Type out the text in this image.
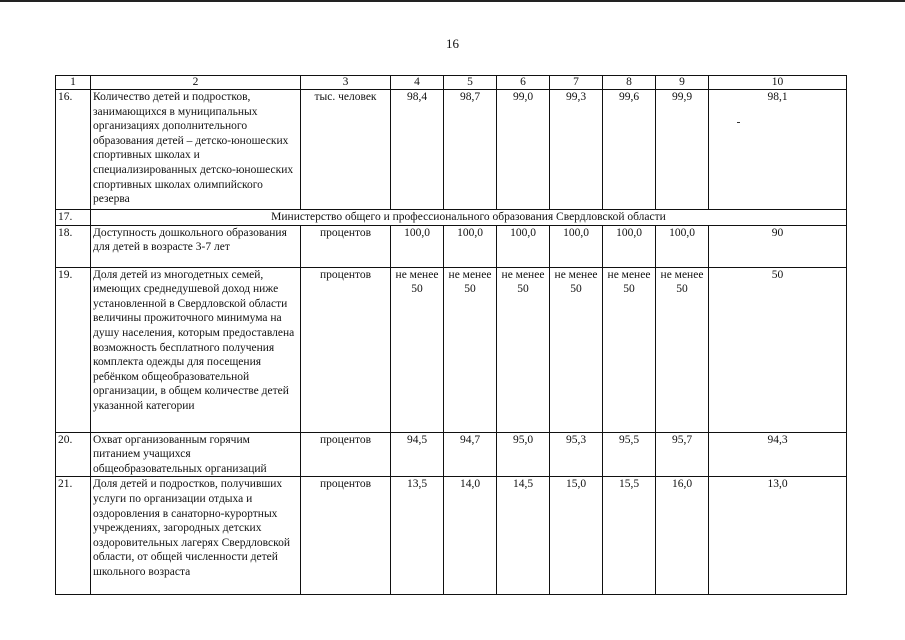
16
1	2	3	4	5	6	7	8	9	10
16.	Количество детей и подростков, занимающихся в муниципальных организациях дополнительного образования детей – детско-юношеских спортивных школах и специализированных детско-юношеских спортивных школах олимпийского резерва	тыс. человек	98,4	98,7	99,0	99,3	99,6	99,9	98,1
17.	Министерство общего и профессионального образования Свердловской области								
18.	Доступность дошкольного образования для детей в возрасте 3-7 лет	процентов	100,0	100,0	100,0	100,0	100,0	100,0	90
19.	Доля детей из многодетных семей, имеющих среднедушевой доход ниже установленной в Свердловской области величины прожиточного минимума на душу населения, которым предоставлена возможность бесплатного получения комплекта одежды для посещения ребёнком общеобразовательной организации, в общем количестве детей указанной категории	процентов	не менее 50	не менее 50	не менее 50	не менее 50	не менее 50	не менее 50	50
20.	Охват организованным горячим питанием учащихся общеобразовательных организаций	процентов	94,5	94,7	95,0	95,3	95,5	95,7	94,3
21.	Доля детей и подростков, получивших услуги по организации отдыха и оздоровления в санаторно-курортных учреждениях, загородных детских оздоровительных лагерях Свердловской области, от общей численности детей школьного возраста	процентов	13,5	14,0	14,5	15,0	15,5	16,0	13,0
